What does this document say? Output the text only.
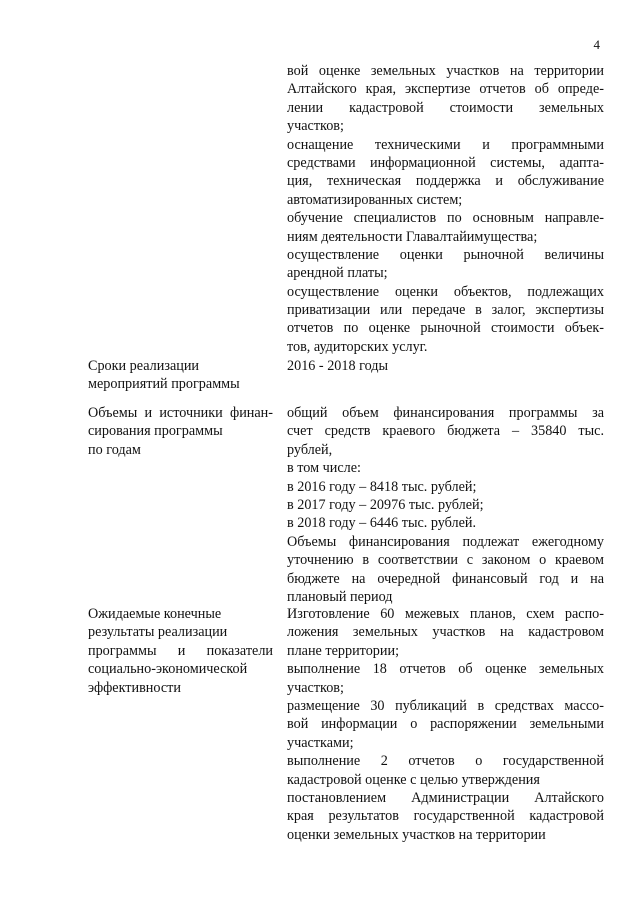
4
вой оценке земельных участков на территории
Алтайского края, экспертизе отчетов об опреде-
лении кадастровой стоимости земельных
участков;
оснащение техническими и программными
средствами информационной системы, адапта-
ция, техническая поддержка и обслуживание
автоматизированных систем;
обучение специалистов по основным направле-
ниям деятельности Главалтайимущества;
осуществление оценки рыночной величины
арендной платы;
осуществление оценки объектов, подлежащих
приватизации или передаче в залог, экспертизы
отчетов по оценке рыночной стоимости объек-
тов, аудиторских услуг.
Сроки реализации
мероприятий программы
2016 - 2018 годы
Объемы и источники финан-
сирования программы
по годам
общий объем финансирования программы за
счет средств краевого бюджета – 35840 тыс.
рублей,
в том числе:
в 2016 году – 8418 тыс. рублей;
в 2017 году – 20976 тыс. рублей;
в 2018 году – 6446 тыс. рублей.
Объемы финансирования подлежат ежегодному
уточнению в соответствии с законом о краевом
бюджете на очередной финансовый год и на
плановый период
Ожидаемые конечные
результаты реализации
программы и показатели
социально-экономической
эффективности
Изготовление 60 межевых планов, схем распо-
ложения земельных участков на кадастровом
плане территории;
выполнение 18 отчетов об оценке земельных
участков;
размещение 30 публикаций в средствах массо-
вой информации о распоряжении земельными
участками;
выполнение 2 отчетов о государственной
кадастровой оценке с целью утверждения
постановлением Администрации Алтайского
края результатов государственной кадастровой
оценки земельных участков на территории
